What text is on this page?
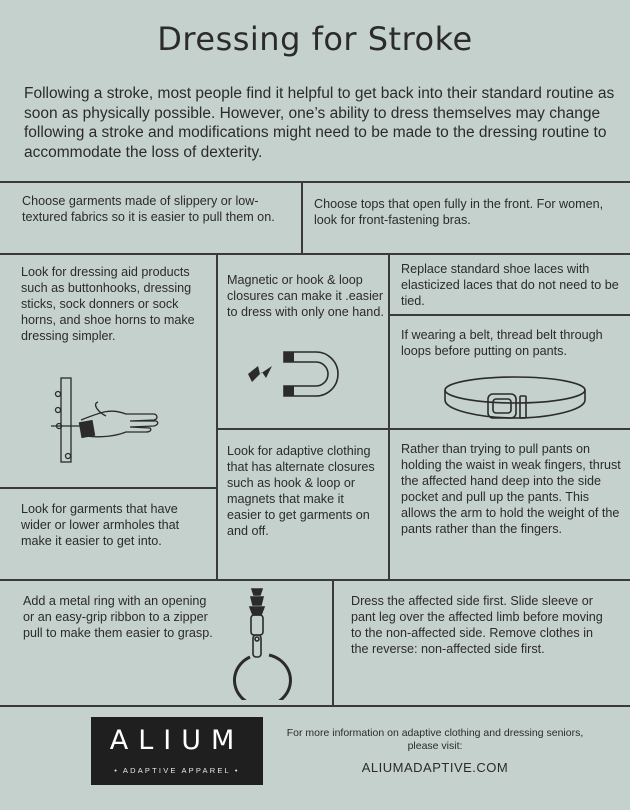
Dressing for Stroke
Following a stroke, most people find it helpful to get back into their standard routine as soon as physically possible. However, one’s ability to dress themselves may change following a stroke and modifications might need to be made to the dressing routine to accommodate the loss of dexterity.
Choose garments made of slippery or low-textured fabrics so it is easier to pull them on.
Choose tops that open fully in the front. For women, look for front-fastening bras.
Look for dressing aid products such as buttonhooks, dressing sticks, sock donners or sock horns, and shoe horns to make dressing simpler.
Magnetic or hook & loop closures can make it .easier to dress with only one hand.
Replace standard shoe laces with elasticized laces that do not need to be tied.
If wearing a belt, thread belt through loops before putting on pants.
Look for garments that have wider or lower armholes that make it easier to get into.
Look for adaptive clothing that has alternate closures such as hook & loop or magnets that make it easier to get garments on and off.
Rather than trying to pull pants on holding the waist in weak fingers, thrust the affected hand deep into the side pocket and pull up the pants. This allows the arm to hold the weight of the pants rather than the fingers.
Add a metal ring with an opening or an easy-grip ribbon to a zipper pull to make them easier to grasp.
Dress the affected side first. Slide sleeve or pant leg over the affected limb before moving to the non-affected side. Remove clothes in the reverse: non-affected side first.
ALIUM
• ADAPTIVE APPAREL •
For more information on adaptive clothing and dressing seniors, please visit:
ALIUMADAPTIVE.COM
